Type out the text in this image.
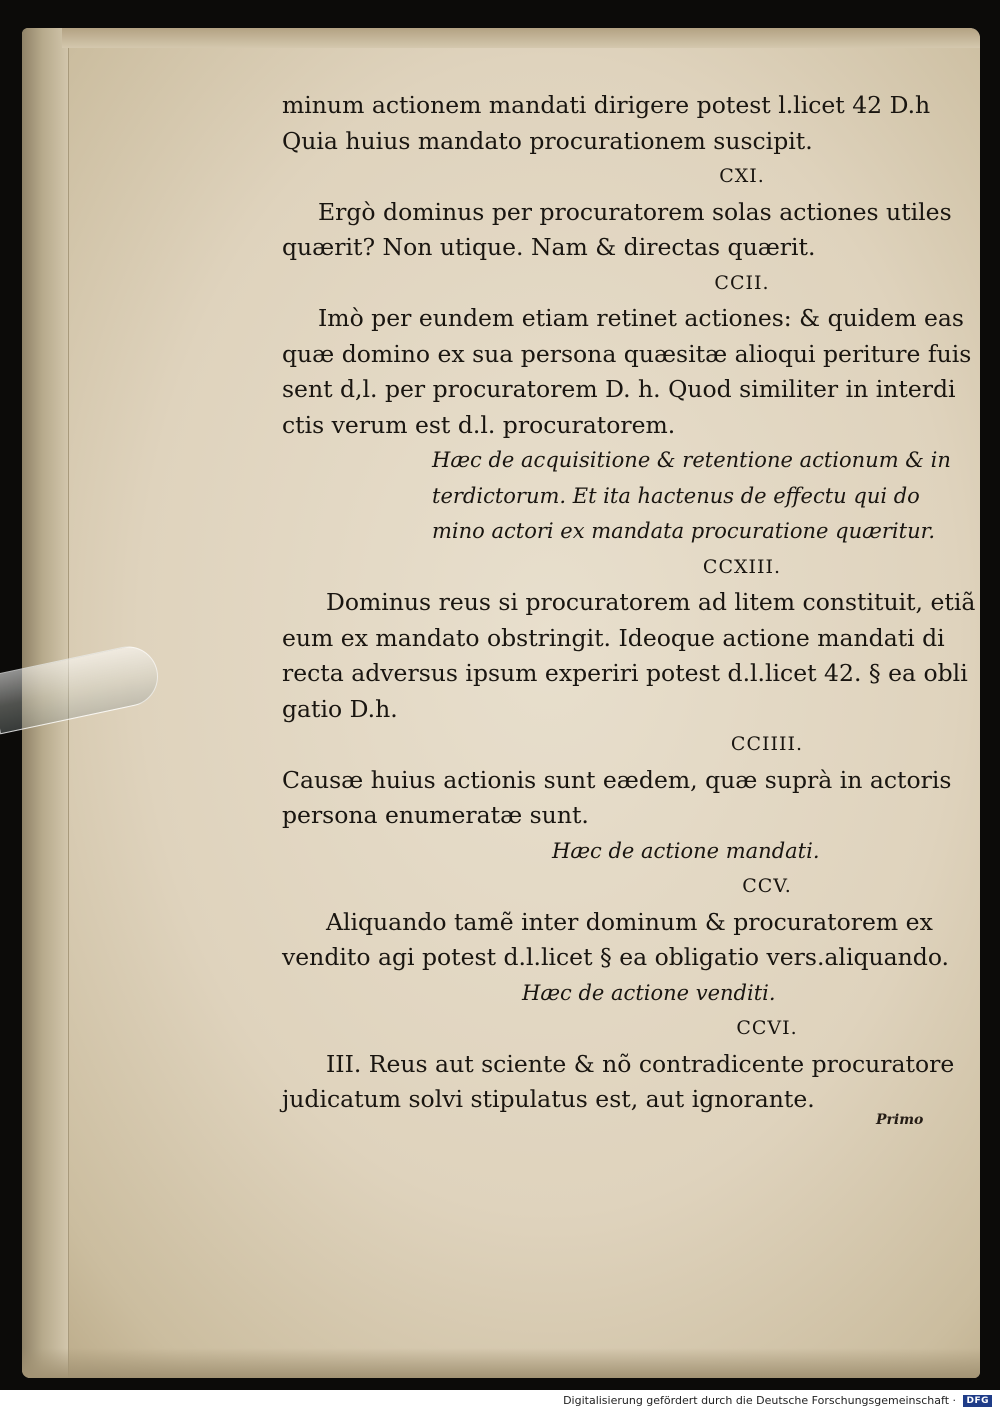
minum actionem mandati dirigere potest l.licet 42 D.h
Quia huius mandato procurationem suscipit.
CXI.
Ergò dominus per procuratorem solas actiones utiles
quærit? Non utique. Nam & directas quærit.
CCII.
Imò per eundem etiam retinet actiones: & quidem eas
quæ domino ex sua persona quæsitæ alioqui periture fuis
sent d,l. per procuratorem D. h. Quod similiter in interdi
ctis verum est d.l. procuratorem.
Hæc de acquisitione & retentione actionum & in
terdictorum. Et ita hactenus de effectu qui do
mino actori ex mandata procuratione quæritur.
CCXIII.
Dominus reus si procuratorem ad litem constituit, etiã
eum ex mandato obstringit. Ideoque actione mandati di
recta adversus ipsum experiri potest d.l.licet 42. § ea obli
gatio D.h.
CCIIII.
Causæ huius actionis sunt eædem, quæ suprà in actoris
persona enumeratæ sunt.
Hæc de actione mandati.
CCV.
Aliquando tamẽ inter dominum & procuratorem ex
vendito agi potest d.l.licet § ea obligatio vers.aliquando.
Hæc de actione venditi.
CCVI.
III. Reus aut sciente & nõ contradicente procuratore
judicatum solvi stipulatus est, aut ignorante.
Primo
Digitalisierung gefördert durch die Deutsche Forschungsgemeinschaft ·	DFG
